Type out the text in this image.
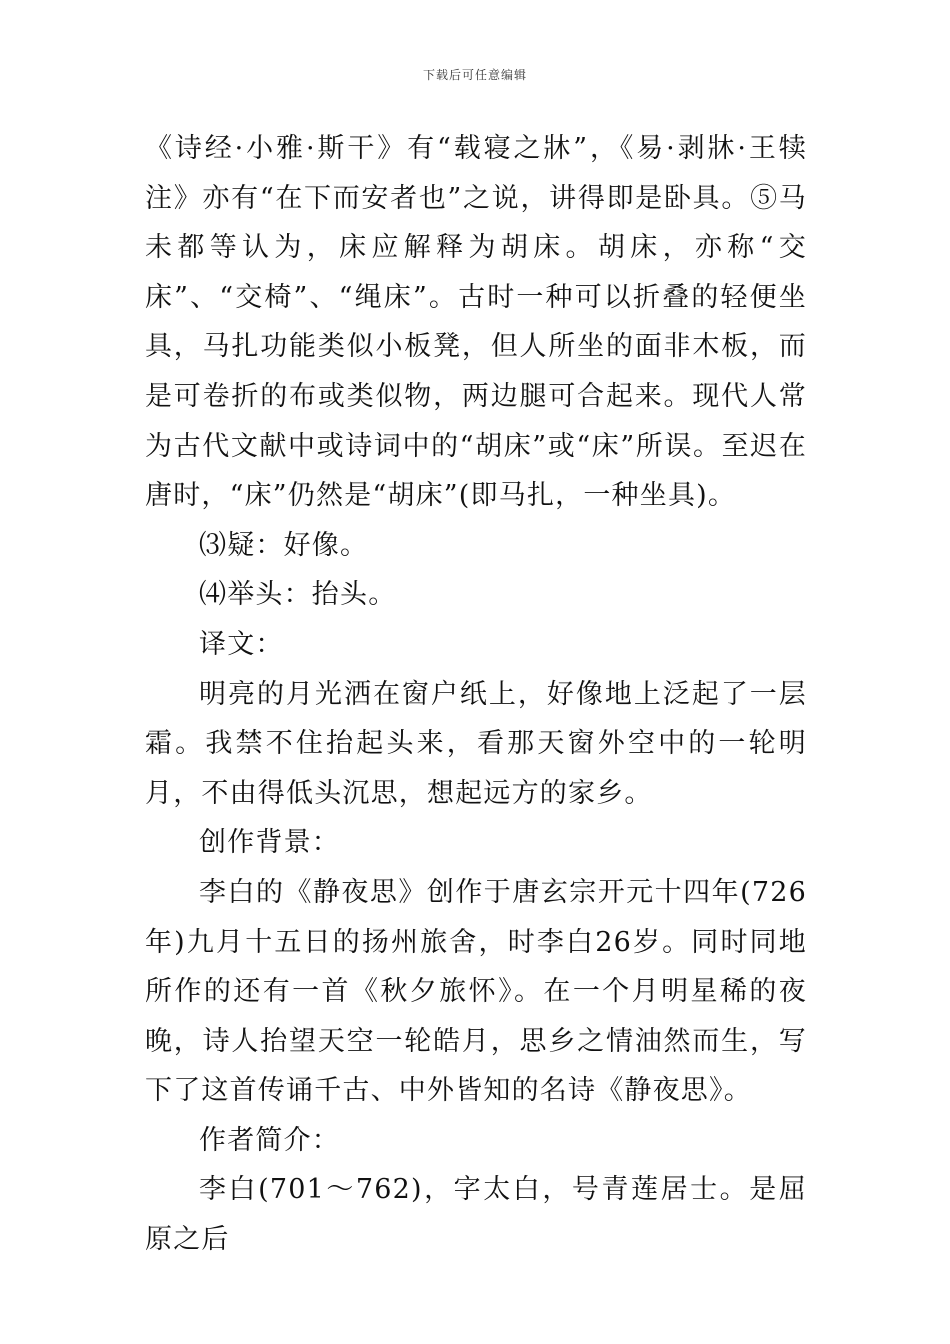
下载后可任意编辑

《诗经·小雅·斯干》有“载寝之牀”，《易·剥牀·王犊注》亦有“在下而安者也”之说，讲得即是卧具。⑤马未都等认为，床应解释为胡床。胡床，亦称“交床”、“交椅”、“绳床”。古时一种可以折叠的轻便坐具，马扎功能类似小板凳，但人所坐的面非木板，而是可卷折的布或类似物，两边腿可合起来。现代人常为古代文献中或诗词中的“胡床”或“床”所误。至迟在唐时，“床”仍然是“胡床”(即马扎，一种坐具)。

⑶疑：好像。

⑷举头：抬头。

译文：

明亮的月光洒在窗户纸上，好像地上泛起了一层霜。我禁不住抬起头来，看那天窗外空中的一轮明月，不由得低头沉思，想起远方的家乡。

创作背景：

李白的《静夜思》创作于唐玄宗开元十四年(726年)九月十五日的扬州旅舍，时李白26岁。同时同地所作的还有一首《秋夕旅怀》。在一个月明星稀的夜晚，诗人抬望天空一轮皓月，思乡之情油然而生，写下了这首传诵千古、中外皆知的名诗《静夜思》。

作者简介：

李白(701～762)，字太白，号青莲居士。是屈原之后
